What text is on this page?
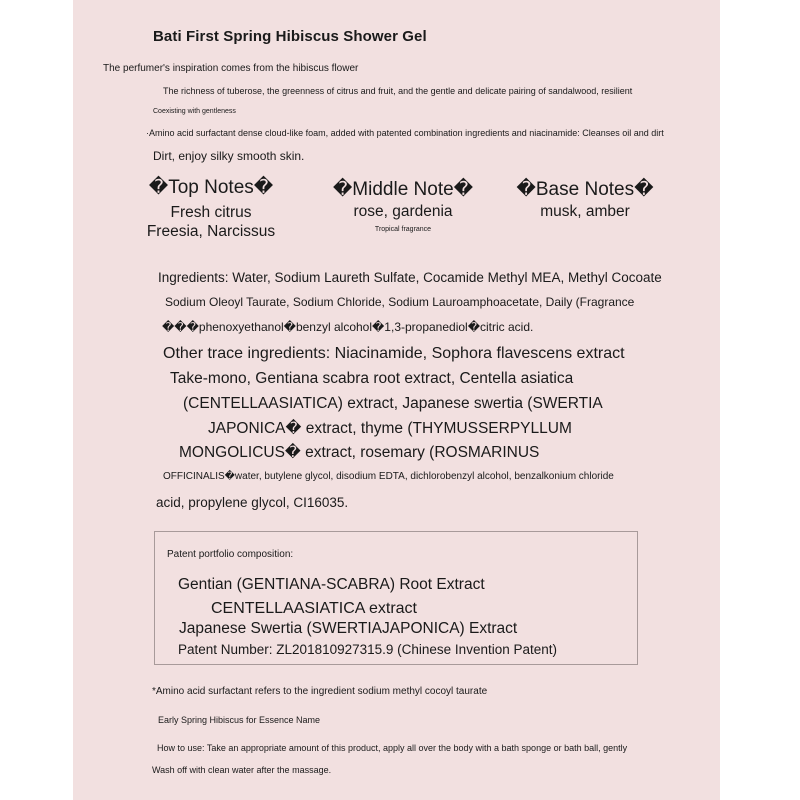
Bati First Spring Hibiscus Shower Gel
The perfumer's inspiration comes from the hibiscus flower
The richness of tuberose, the greenness of citrus and fruit, and the gentle and delicate pairing of sandalwood, resilient
Coexisting with gentleness
·Amino acid surfactant dense cloud-like foam, added with patented combination ingredients and niacinamide: Cleanses oil and dirt
Dirt, enjoy silky smooth skin.
�Top Notes�
Fresh citrus
Freesia, Narcissus
�Middle Note�
rose, gardenia
Tropical fragrance
�Base Notes�
musk, amber
Ingredients: Water, Sodium Laureth Sulfate, Cocamide Methyl MEA, Methyl Cocoate
Sodium Oleoyl Taurate, Sodium Chloride, Sodium Lauroamphoacetate, Daily (Fragrance
���phenoxyethanol�benzyl alcohol�1,3-propanediol�citric acid.
Other trace ingredients: Niacinamide, Sophora flavescens extract
Take-mono, Gentiana scabra root extract, Centella asiatica
(CENTELLAASIATICA) extract, Japanese swertia (SWERTIA
JAPONICA� extract, thyme (THYMUSSERPYLLUM
MONGOLICUS� extract, rosemary (ROSMARINUS
OFFICINALIS�water, butylene glycol, disodium EDTA, dichlorobenzyl alcohol, benzalkonium chloride
acid, propylene glycol, CI16035.
Patent portfolio composition:
Gentian (GENTIANA-SCABRA) Root Extract
CENTELLAASIATICA extract
Japanese Swertia (SWERTIAJAPONICA) Extract
Patent Number: ZL201810927315.9 (Chinese Invention Patent)
*Amino acid surfactant refers to the ingredient sodium methyl cocoyl taurate
Early Spring Hibiscus for Essence Name
How to use: Take an appropriate amount of this product, apply all over the body with a bath sponge or bath ball, gently
Wash off with clean water after the massage.
